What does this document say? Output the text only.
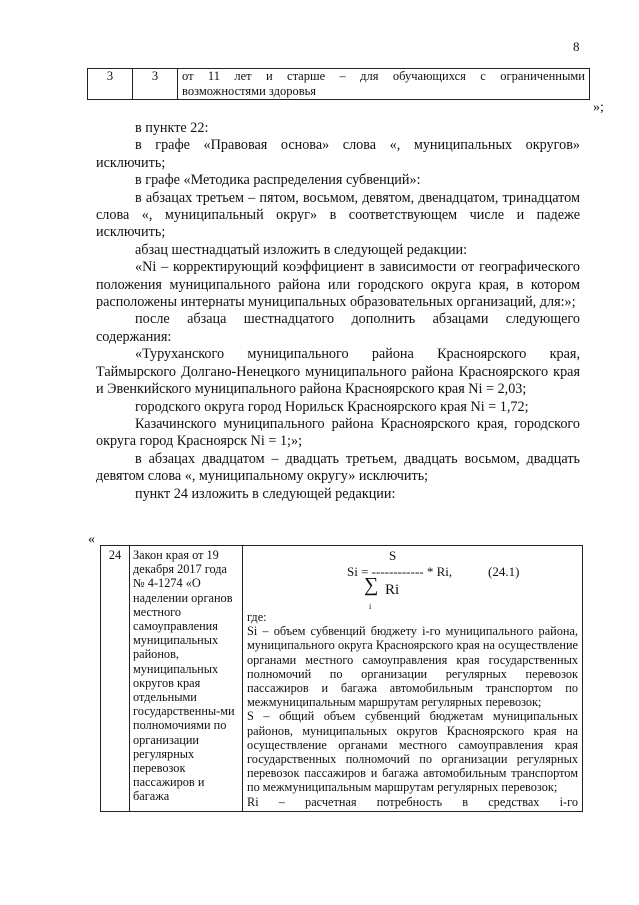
8
3	3	от 11 лет и старше – для обучающихся с ограниченными
возможностями здоровья
»;

в пункте 22:

в графе «Правовая основа» слова «, муниципальных округов» исключить;

в графе «Методика распределения субвенций»:

в абзацах третьем – пятом, восьмом, девятом, двенадцатом, тринадцатом слова «, муниципальный округ» в соответствующем числе и падеже исключить;

абзац шестнадцатый изложить в следующей редакции:

«Ni – корректирующий коэффициент в зависимости от географического положения муниципального района или городского округа края, в котором расположены интернаты муниципальных образовательных организаций, для:»;

после абзаца шестнадцатого дополнить абзацами следующего содержания:

«Туруханского муниципального района Красноярского края, Таймырского Долгано-Ненецкого муниципального района Красноярского края и Эвенкийского муниципального района Красноярского края Ni = 2,03;

городского округа город Норильск Красноярского края Ni = 1,72;

Казачинского муниципального района Красноярского края, городского округа город Красноярск Ni = 1;»;

в абзацах двадцатом – двадцать третьем, двадцать восьмом, двадцать девятом слова «, муниципальному округу» исключить;

пункт 24 изложить в следующей редакции:

«
24	Закон края от 19 декабря 2017 года № 4-1274 «О наделении органов местного самоуправления муниципальных районов, муниципальных округов края отдельными государственны-ми полномочиями по организации регулярных перевозок пассажиров и багажа	
S
Si = ------------ * Ri,	(24.1)
∑ Ri
i

где:

Si – объем субвенций бюджету i-го муниципального района, муниципального округа Красноярского края на осуществление органами местного самоуправления края государственных полномочий по организации регулярных перевозок пассажиров и багажа автомобильным транспортом по межмуниципальным маршрутам регулярных перевозок;

S – общий объем субвенций бюджетам муниципальных районов, муниципальных округов Красноярского края на осуществление органами местного самоуправления края государственных полномочий по организации регулярных перевозок пассажиров и багажа автомобильным транспортом по межмуниципальным маршрутам регулярных перевозок;

Ri – расчетная потребность в средствах i-го
